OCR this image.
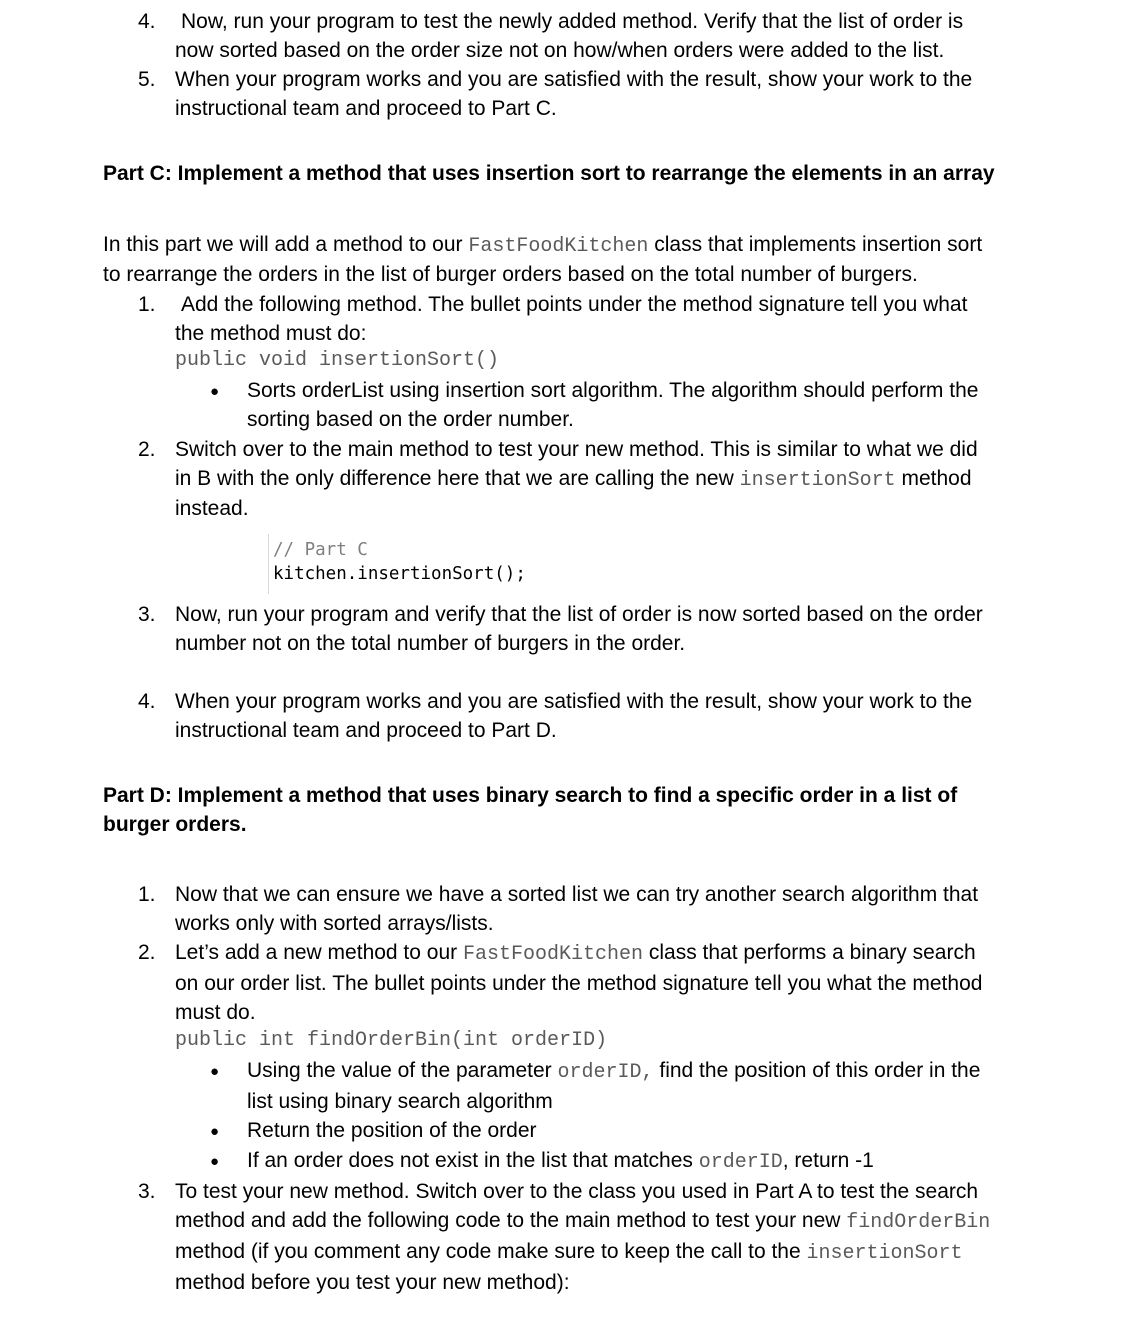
4. Now, run your program to test the newly added method. Verify that the list of order is
now sorted based on the order size not on how/when orders were added to the list.
5. When your program works and you are satisfied with the result, show your work to the
instructional team and proceed to Part C.
Part C: Implement a method that uses insertion sort to rearrange the elements in an array
In this part we will add a method to our FastFoodKitchen class that implements insertion sort
to rearrange the orders in the list of burger orders based on the total number of burgers.
1. Add the following method. The bullet points under the method signature tell you what
the method must do:
public void insertionSort()
● Sorts orderList using insertion sort algorithm. The algorithm should perform the
sorting based on the order number.
2. Switch over to the main method to test your new method. This is similar to what we did
in B with the only difference here that we are calling the new insertionSort method
instead.
// Part C
kitchen.insertionSort();
3. Now, run your program and verify that the list of order is now sorted based on the order
number not on the total number of burgers in the order.
4. When your program works and you are satisfied with the result, show your work to the
instructional team and proceed to Part D.
Part D: Implement a method that uses binary search to find a specific order in a list of
burger orders.
1. Now that we can ensure we have a sorted list we can try another search algorithm that
works only with sorted arrays/lists.
2. Let’s add a new method to our FastFoodKitchen class that performs a binary search
on our order list. The bullet points under the method signature tell you what the method
must do.
public int findOrderBin(int orderID)
● Using the value of the parameter orderID, find the position of this order in the
list using binary search algorithm
● Return the position of the order
● If an order does not exist in the list that matches orderID, return -1
3. To test your new method. Switch over to the class you used in Part A to test the search
method and add the following code to the main method to test your new findOrderBin
method (if you comment any code make sure to keep the call to the insertionSort
method before you test your new method):
